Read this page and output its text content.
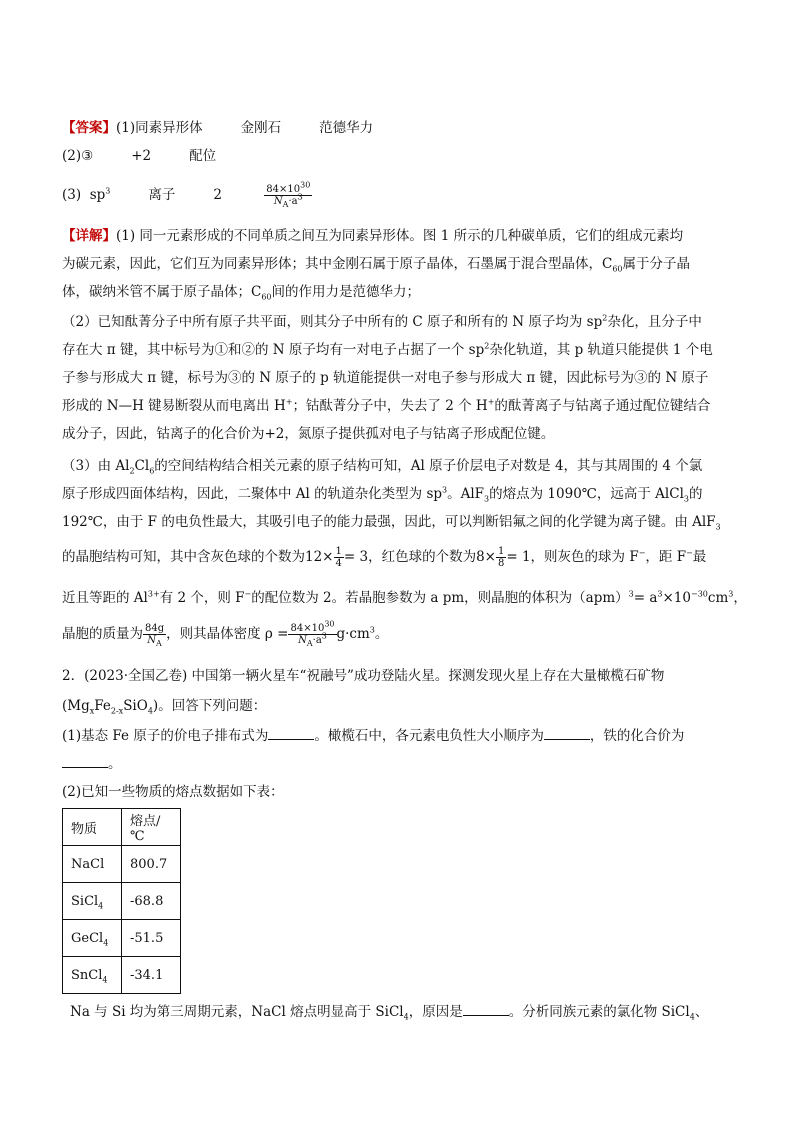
【答案】(1)同素异形体	金刚石	范德华力
(2)③	+2	配位
(3) $sp^3$	离子	2	$\frac{84\times 10^{30}}{N_A\cdot a^3}$
【详解】(1) 同一元素形成的不同单质之间互为同素异形体。图 1 所示的几种碳单质，它们的组成元素均
为碳元素，因此，它们互为同素异形体；其中金刚石属于原子晶体，石墨属于混合型晶体，$C_{60}$属于分子晶
体，碳纳米管不属于原子晶体；$C_{60}$间的作用力是范德华力；
（2）已知酞菁分子中所有原子共平面，则其分子中所有的 C 原子和所有的 N 原子均为 $sp^2$杂化，且分子中
存在大 π 键，其中标号为①和②的 N 原子均有一对电子占据了一个 $sp^2$杂化轨道，其 p 轨道只能提供 1 个电
子参与形成大 π 键，标号为③的 N 原子的 p 轨道能提供一对电子参与形成大 π 键，因此标号为③的 N 原子
形成的 N—H 键易断裂从而电离出 H+；钴酞菁分子中，失去了 2 个 H+的酞菁离子与钴离子通过配位键结合
成分子，因此，钴离子的化合价为+2，氮原子提供孤对电子与钴离子形成配位键。
（3）由 $Al_2Cl_6$的空间结构结合相关元素的原子结构可知，Al 原子价层电子对数是 4，其与其周围的 4 个氯
原子形成四面体结构，因此，二聚体中 Al 的轨道杂化类型为 $sp^3$。AlF$_3$的熔点为 1090℃，远高于 AlCl$_3$的
192℃，由于 F 的电负性最大，其吸引电子的能力最强，因此，可以判断铝氟之间的化学键为离子键。由 AlF$_3$
的晶胞结构可知，其中含灰色球的个数为$12\times \frac{1}{4} = 3$，红色球的个数为$8\times \frac{1}{8} = 1$，则灰色的球为 F−，距 F−最
近且等距的 $Al^{3+}$有 2 个，则 F−的配位数为 2。若晶胞参数为 a pm，则晶胞的体积为$(apm)^3= a^3\times 10^{-30}cm^3$，
晶胞的质量为 $\frac{84g}{N_A}$ ，则其晶体密度 $\rho = \frac{84\times 10^{30}}{N_A\cdot a^3} g\cdot cm^3$。
2．(2023·全国乙卷) 中国第一辆火星车“祝融号”成功登陆火星。探测发现火星上存在大量橄榄石矿物
$(Mg_xFe_{2-x}SiO_4)$。回答下列问题：
(1)基态 Fe 原子的价电子排布式为	。橄榄石中，各元素电负性大小顺序为	，铁的化合价为
。
(2)已知一些物质的熔点数据如下表：
物质	熔点/℃
NaCl	800.7
SiCl$_4$	-68.8
GeCl$_4$	-51.5
SnCl$_4$	-34.1
Na 与 Si 均为第三周期元素，NaCl 熔点明显高于 SiCl$_4$，原因是	。分析同族元素的氯化物 SiCl$_4$、
